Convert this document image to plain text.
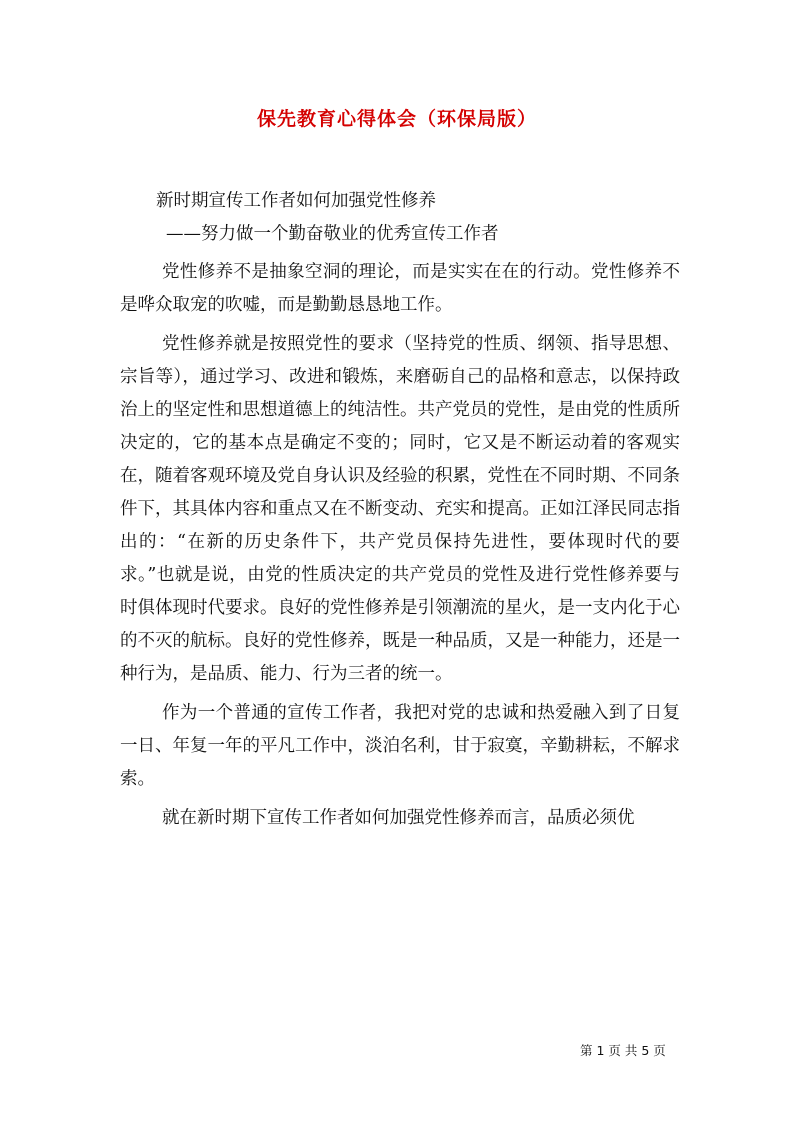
保先教育心得体会（环保局版）

新时期宣传工作者如何加强党性修养

——努力做一个勤奋敬业的优秀宣传工作者

党性修养不是抽象空洞的理论，而是实实在在的行动。党性修养不是哗众取宠的吹嘘，而是勤勤恳恳地工作。

党性修养就是按照党性的要求（坚持党的性质、纲领、指导思想、宗旨等），通过学习、改进和锻炼，来磨砺自己的品格和意志，以保持政治上的坚定性和思想道德上的纯洁性。共产党员的党性，是由党的性质所决定的，它的基本点是确定不变的；同时，它又是不断运动着的客观实在，随着客观环境及党自身认识及经验的积累，党性在不同时期、不同条件下，其具体内容和重点又在不断变动、充实和提高。正如江泽民同志指出的：“在新的历史条件下，共产党员保持先进性，要体现时代的要求。”也就是说，由党的性质决定的共产党员的党性及进行党性修养要与时俱体现时代要求。良好的党性修养是引领潮流的星火，是一支内化于心的不灭的航标。良好的党性修养，既是一种品质，又是一种能力，还是一种行为，是品质、能力、行为三者的统一。

作为一个普通的宣传工作者，我把对党的忠诚和热爱融入到了日复一日、年复一年的平凡工作中，淡泊名利，甘于寂寞，辛勤耕耘，不解求索。

就在新时期下宣传工作者如何加强党性修养而言，品质必须优

第 1 页 共 5 页
